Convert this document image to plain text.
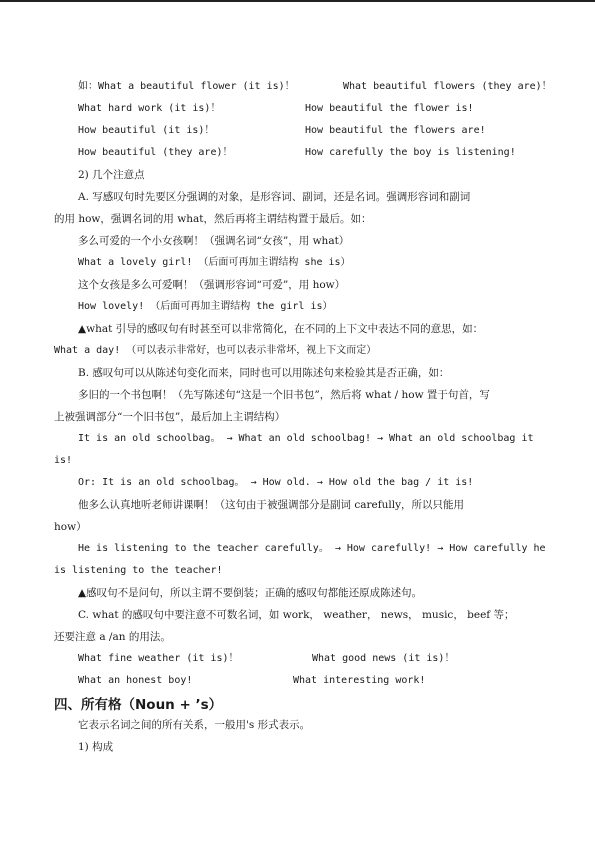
如：What a beautiful flower (it is)！	What beautiful flowers (they are)！
What hard work (it is)！	How beautiful the flower is!
How beautiful (it is)！	How beautiful the flowers are!
How beautiful (they are)！	How carefully the boy is listening!
2) 几个注意点
A. 写感叹句时先要区分强调的对象，是形容词、副词，还是名词。强调形容词和副词
的用 how，强调名词的用 what，然后再将主谓结构置于最后。如：
多么可爱的一个小女孩啊！（强调名词“女孩”，用 what）
What a lovely girl! （后面可再加主谓结构 she is）
这个女孩是多么可爱啊！（强调形容词“可爱”，用 how）
How lovely! （后面可再加主谓结构 the girl is）
▲what 引导的感叹句有时甚至可以非常简化，在不同的上下文中表达不同的意思，如：
What a day! （可以表示非常好，也可以表示非常坏，视上下文而定）
B. 感叹句可以从陈述句变化而来，同时也可以用陈述句来检验其是否正确，如：
多旧的一个书包啊！（先写陈述句“这是一个旧书包”，然后将 what / how 置于句首，写
上被强调部分“一个旧书包”，最后加上主谓结构）
It is an old schoolbag。 → What an old schoolbag! → What an old schoolbag it
is!
Or: It is an old schoolbag。 → How old. → How old the bag / it is!
他多么认真地听老师讲课啊！（这句由于被强调部分是副词 carefully，所以只能用
how）
He is listening to the teacher carefully。 → How carefully! → How carefully he
is listening to the teacher!
▲感叹句不是问句，所以主谓不要倒装；正确的感叹句都能还原成陈述句。
C. what 的感叹句中要注意不可数名词，如 work， weather， news， music， beef 等；
还要注意 a /an 的用法。
What fine weather (it is)！	What good news (it is)！
What an honest boy!	What interesting work!
四、所有格（Noun + ’s）
它表示名词之间的所有关系，一般用's 形式表示。
1) 构成
